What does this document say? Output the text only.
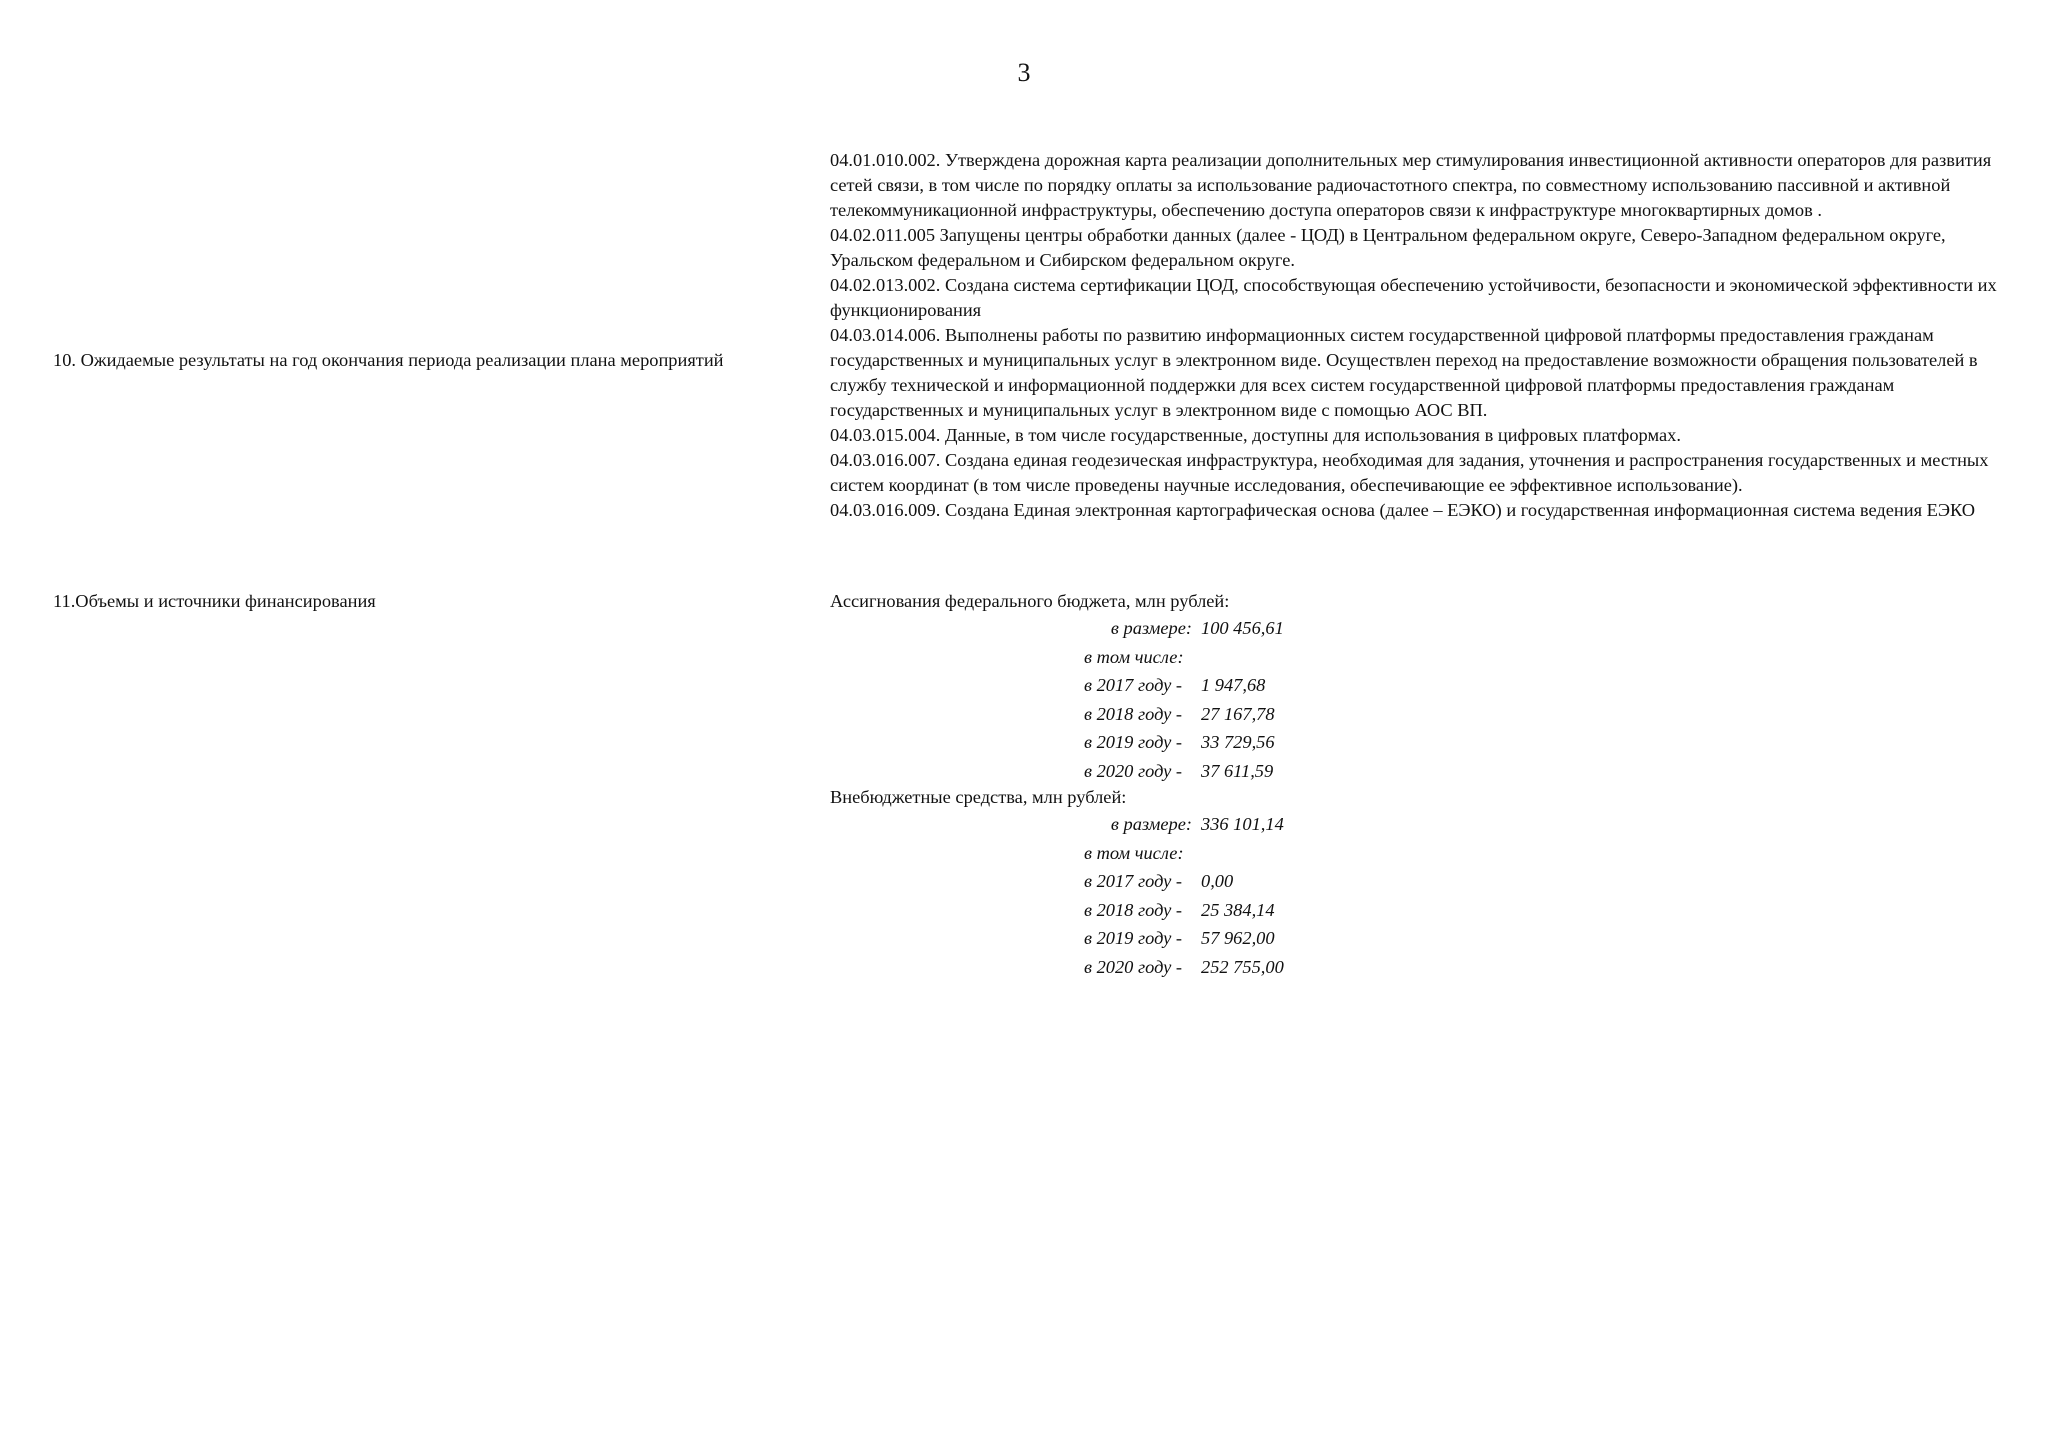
3
10. Ожидаемые результаты на год окончания периода реализации плана мероприятий

04.01.010.002. Утверждена дорожная карта реализации дополнительных мер стимулирования инвестиционной активности операторов для развития сетей связи, в том числе по порядку оплаты за использование радиочастотного спектра, по совместному использованию пассивной и активной телекоммуникационной инфраструктуры, обеспечению доступа операторов связи к инфраструктуре многоквартирных домов .

04.02.011.005 Запущены центры обработки данных (далее - ЦОД) в Центральном федеральном округе, Северо-Западном федеральном округе, Уральском федеральном и Сибирском федеральном округе.

04.02.013.002. Создана система сертификации ЦОД, способствующая обеспечению устойчивости, безопасности и экономической эффективности их функционирования

04.03.014.006. Выполнены работы по развитию информационных систем государственной цифровой платформы предоставления гражданам государственных и муниципальных услуг в электронном виде. Осуществлен переход на предоставление возможности обращения пользователей в службу технической и информационной поддержки для всех систем государственной цифровой платформы предоставления гражданам государственных и муниципальных услуг в электронном виде с помощью АОС ВП.

04.03.015.004. Данные, в том числе государственные, доступны для использования в цифровых платформах.

04.03.016.007. Создана единая геодезическая инфраструктура, необходимая для задания, уточнения и распространения государственных и местных систем координат (в том числе проведены научные исследования, обеспечивающие ее эффективное использование).

04.03.016.009. Создана Единая электронная картографическая основа (далее – ЕЭКО) и государственная информационная система ведения ЕЭКО

11.Объемы и источники финансирования	Ассигнования федерального бюджета, млн рублей:
в размере: 100 456,61
в том числе:
в 2017 году - 1 947,68
в 2018 году - 27 167,78
в 2019 году - 33 729,56
в 2020 году - 37 611,59
Внебюджетные средства, млн рублей:
в размере: 336 101,14
в том числе:
в 2017 году - 0,00
в 2018 году - 25 384,14
в 2019 году - 57 962,00
в 2020 году - 252 755,00
